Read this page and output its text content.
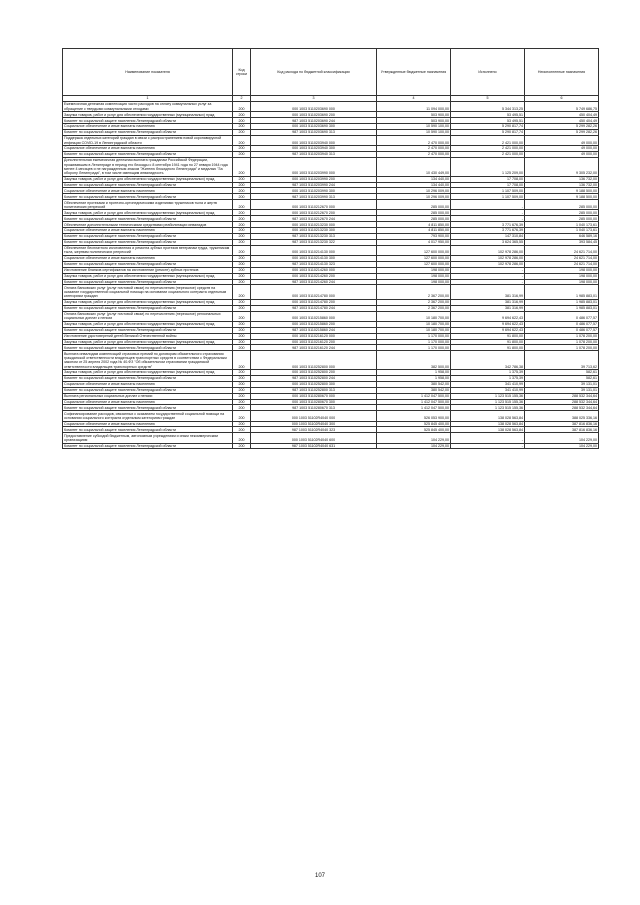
Наименование показателя	Код строки	Код расхода по бюджетной классификации	Утвержденные бюджетные назначения	Исполнено	Неисполненные назначения
1	2	3	4	5	6
Ежемесячная денежная компенсация части расходов на оплату коммунальных услуг за обращение с твердыми коммунальными отходами	200	000 1003 5110203690 000	11 094 000,00	5 344 313,25	5 749 686,75
Закупка товаров, работ и услуг для обеспечения государственных (муниципальных) нужд	200	000 1003 5110203690 200	503 900,00	53 495,51	450 404,49
Комитет по социальной защите населения Ленинградской области	200	987 1003 5110203690 244	503 900,00	53 495,51	450 404,49
Социальное обеспечение и иные выплаты населению	200	000 1003 5110203690 300	10 590 100,00	5 290 817,74	5 299 282,26
Комитет по социальной защите населения Ленинградской области	200	987 1003 5110203690 313	10 590 100,00	5 290 817,74	5 299 282,26
Поддержка отдельных категорий граждан в связи с распространением новой коронавирусной инфекции COVID-19 в Ленинградской области	200	000 1003 5110203940 000	2 470 000,00	2 421 000,00	49 000,00
Социальное обеспечение и иные выплаты населению	200	000 1003 5110203940 300	2 470 000,00	2 421 000,00	49 000,00
Комитет по социальной защите населения Ленинградской области	200	987 1003 5110203940 313	2 470 000,00	2 421 000,00	49 000,00
Дополнительная ежемесячная денежная выплата гражданам Российской Федерации, проживавшим в Ленинграде в период его блокады с 8 сентября 1941 года по 27 января 1944 года менее 4 месяцев и не награжденным знаком "Жителю блокадного Ленинграда" и медалью "За оборону Ленинграда", в том числе имеющим инвалидность	200	000 1003 5110203990 000	10 430 449,00	1 125 209,00	9 305 232,00
Закупка товаров, работ и услуг для обеспечения государственных (муниципальных) нужд	200	000 1003 5110203990 200	134 440,00	17 708,00	136 732,00
Комитет по социальной защите населения Ленинградской области	200	987 1003 5110203990 244	134 440,00	17 708,00	136 732,00
Социальное обеспечение и иные выплаты населению	200	000 1003 5110203990 300	10 296 009,00	1 107 509,00	9 188 500,00
Комитет по социальной защите населения Ленинградской области	200	987 1003 5110203990 313	10 296 009,00	1 107 509,00	9 188 500,00
Обеспечение протезами и протезно-ортопедическими изделиями тружеников тыла и жертв политических репрессий	200	000 1003 5110212670 000	285 000,00	-	285 000,00
Закупка товаров, работ и услуг для обеспечения государственных (муниципальных) нужд	200	000 1003 5110212670 200	285 000,00	-	285 000,00
Комитет по социальной защите населения Ленинградской области	200	987 1003 5110212670 244	285 000,00	-	285 000,00
Обеспечение дополнительными техническими средствами реабилитации инвалидов	200	000 1003 5110213230 000	4 811 850,00	3 771 676,39	1 040 173,61
Социальное обеспечение и иные выплаты населению	200	000 1003 5110213230 300	4 811 850,00	3 771 676,39	1 040 173,61
Комитет по социальной защите населения Ленинградской области	200	987 1003 5110213230 313	793 900,00	147 310,84	646 589,16
Комитет по социальной защите населения Ленинградской области	200	987 1003 5110213230 322	4 017 950,00	3 624 365,55	393 584,45
Обеспечение бесплатного изготовления и ремонта зубных протезов ветеранам труда, труженикам тыла, жертвам политических репрессий	200	000 1003 5110214130 000	127 600 000,00	102 978 286,00	24 621 714,00
Социальное обеспечение и иные выплаты населению	200	000 1003 5110214130 300	127 600 000,00	102 978 286,00	24 621 714,00
Комитет по социальной защите населения Ленинградской области	200	987 1003 5110214130 323	127 600 000,00	102 978 286,00	24 621 714,00
Изготовление бланков сертификатов на изготовление (ремонт) зубных протезов	200	000 1003 5110214260 000	198 000,00	-	198 000,00
Закупка товаров, работ и услуг для обеспечения государственных (муниципальных) нужд	200	000 1003 5110214260 200	198 000,00	-	198 000,00
Комитет по социальной защите населения Ленинградской области	200	987 1003 5110214260 244	198 000,00	-	198 000,00
Оплата банковских услуг (услуг почтовой связи) по перечислению (пересылке) средств на оказание государственной социальной помощи на основании социального контракта отдельным категориям граждан	200	000 1003 5110214780 000	2 367 200,00	381 316,99	1 985 883,01
Закупка товаров, работ и услуг для обеспечения государственных (муниципальных) нужд	200	000 1003 5110214780 200	2 367 200,00	381 316,99	1 985 883,01
Комитет по социальной защите населения Ленинградской области	200	987 1003 5110214780 244	2 367 200,00	381 316,99	1 985 883,01
Оплата банковских услуг (услуг почтовой связи) по перечислению (пересылке) региональных социальных доплат к пенсии	200	000 1003 5110215860 000	10 180 700,00	9 694 622,43	0 486 077,57
Закупка товаров, работ и услуг для обеспечения государственных (муниципальных) нужд	200	000 1003 5110215860 200	10 180 700,00	9 694 622,43	0 486 077,57
Комитет по социальной защите населения Ленинградской области	200	987 1003 5110215860 244	10 180 700,00	9 694 622,43	0 486 077,57
Изготовление удостоверений детей Великой Отечественной войны	200	000 1003 5110216120 000	1 170 000,00	91 800,00	1 078 200,00
Закупка товаров, работ и услуг для обеспечения государственных (муниципальных) нужд	200	000 1003 5110216120 200	1 170 000,00	91 800,00	1 078 200,00
Комитет по социальной защите населения Ленинградской области	200	987 1003 5110216120 244	1 170 000,00	91 800,00	1 078 200,00
Выплата инвалидам компенсаций страховых премий по договорам обязательного страхования гражданской ответственности владельцев транспортных средств в соответствии с Федеральным законом от 25 апреля 2002 года № 40-ФЗ "Об обязательном страховании гражданской ответственности владельцев транспортных средств"	200	000 1003 5110252800 000	382 500,00	342 786,38	39 713,62
Закупка товаров, работ и услуг для обеспечения государственных (муниципальных) нужд	200	000 1003 5110252800 200	1 958,00	1 375,39	582,61
Комитет по социальной защите населения Ленинградской области	200	987 1003 5110252800 244	1 958,00	1 375,39	582,61
Социальное обеспечение и иные выплаты населению	200	000 1003 5110252800 300	380 542,00	341 410,99	39 131,01
Комитет по социальной защите населения Ленинградской области	200	987 1003 5110252800 313	380 542,00	341 410,99	39 131,01
Выплата региональных социальных доплат к пенсии	200	000 1003 5110280670 000	1 412 047 500,00	1 123 515 155,36	288 532 344,64
Социальное обеспечение и иные выплаты населению	200	000 1003 5110280670 300	1 412 047 500,00	1 123 515 155,36	288 532 344,64
Комитет по социальной защите населения Ленинградской области	200	987 1003 5110280670 313	1 412 047 500,00	1 123 515 155,36	288 532 344,64
Софинансирование расходов, связанных с оказанием государственной социальной помощи на основании социального контракта отдельным категориям граждан	200	000 1003 51102R4040 000	526 053 900,00	138 028 563,84	388 025 336,16
Социальное обеспечение и иные выплаты населению	200	000 1003 51102R4040 300	525 845 400,00	138 028 563,84	387 816 836,16
Комитет по социальной защите населения Ленинградской области	200	987 1003 51102R4040 323	525 845 400,00	138 028 563,84	387 816 836,16
Предоставление субсидий бюджетным, автономным учреждениям и иным некоммерческим организациям	200	000 1003 51102R4040 600	104 229,00	-	104 229,00
Комитет по социальной защите населения Ленинградской области	200	987 1003 51102R4040 631	104 229,00	-	104 229,00
107
